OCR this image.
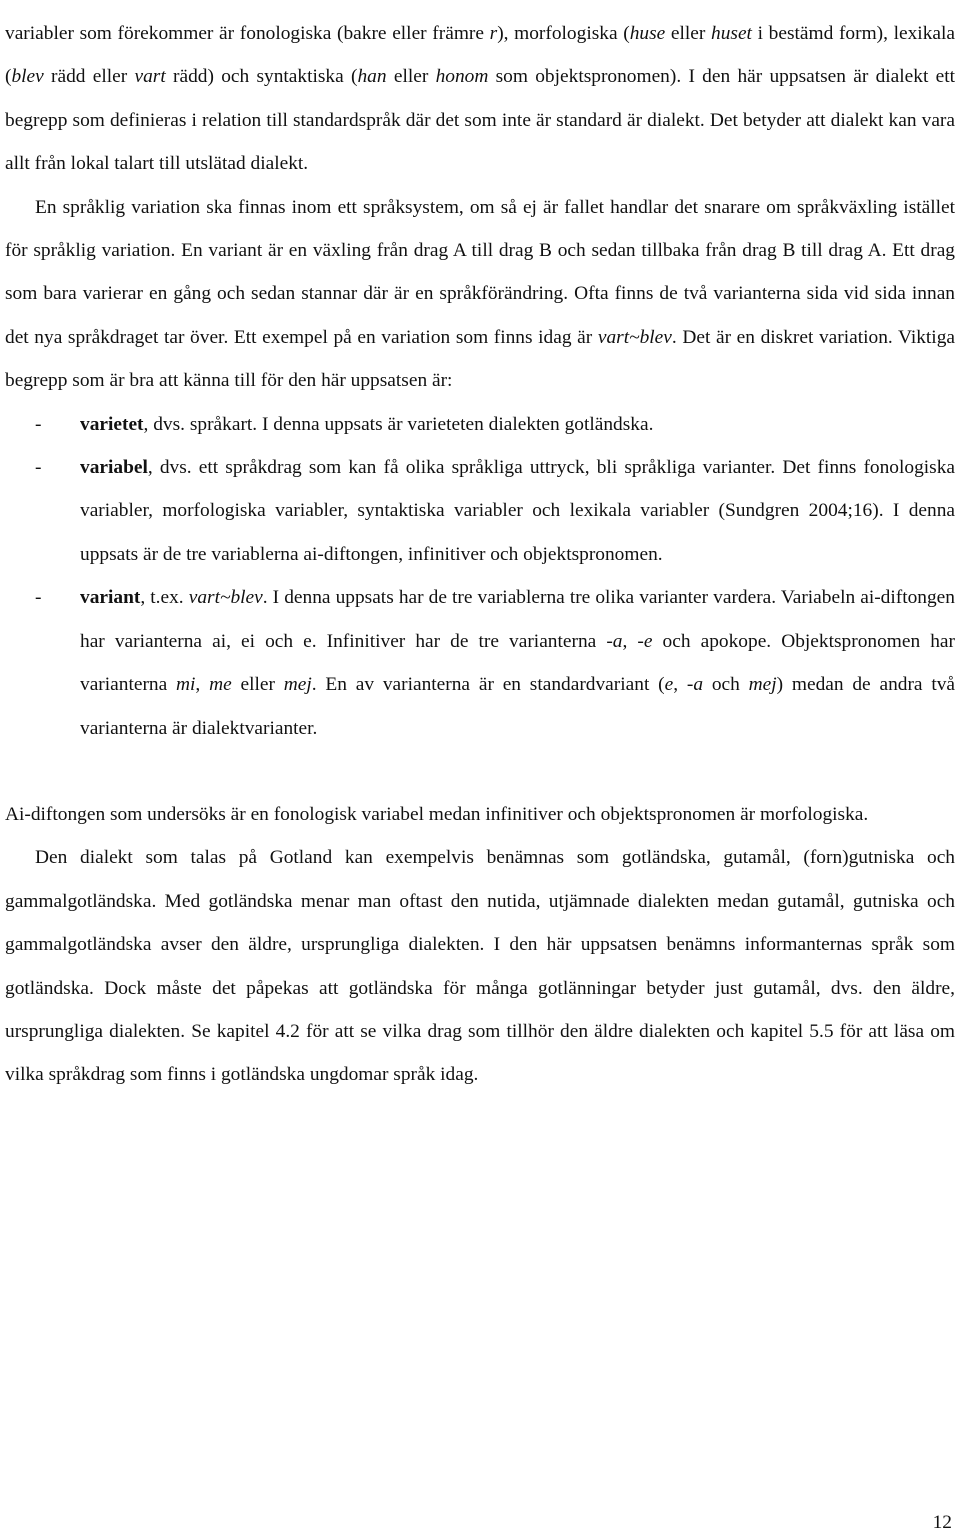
variabler som förekommer är fonologiska (bakre eller främre r), morfologiska (huse eller huset i bestämd form), lexikala (blev rädd eller vart rädd) och syntaktiska (han eller honom som objektspronomen). I den här uppsatsen är dialekt ett begrepp som definieras i relation till standardspråk där det som inte är standard är dialekt. Det betyder att dialekt kan vara allt från lokal talart till utslätad dialekt.

En språklig variation ska finnas inom ett språksystem, om så ej är fallet handlar det snarare om språkväxling istället för språklig variation. En variant är en växling från drag A till drag B och sedan tillbaka från drag B till drag A. Ett drag som bara varierar en gång och sedan stannar där är en språkförändring. Ofta finns de två varianterna sida vid sida innan det nya språkdraget tar över. Ett exempel på en variation som finns idag är vart~blev. Det är en diskret variation. Viktiga begrepp som är bra att känna till för den här uppsatsen är:

-	varietet, dvs. språkart. I denna uppsats är varieteten dialekten gotländska.
-	variabel, dvs. ett språkdrag som kan få olika språkliga uttryck, bli språkliga varianter. Det finns fonologiska variabler, morfologiska variabler, syntaktiska variabler och lexikala variabler (Sundgren 2004;16). I denna uppsats är de tre variablerna ai-diftongen, infinitiver och objektspronomen.
-	variant, t.ex. vart~blev. I denna uppsats har de tre variablerna tre olika varianter vardera. Variabeln ai-diftongen har varianterna ai, ei och e. Infinitiver har de tre varianterna -a, -e och apokope. Objektspronomen har varianterna mi, me eller mej. En av varianterna är en standardvariant (e, -a och mej) medan de andra två varianterna är dialektvarianter.

Ai-diftongen som undersöks är en fonologisk variabel medan infinitiver och objektspronomen är morfologiska.

Den dialekt som talas på Gotland kan exempelvis benämnas som gotländska, gutamål, (forn)gutniska och gammalgotländska. Med gotländska menar man oftast den nutida, utjämnade dialekten medan gutamål, gutniska och gammalgotländska avser den äldre, ursprungliga dialekten. I den här uppsatsen benämns informanternas språk som gotländska. Dock måste det påpekas att gotländska för många gotlänningar betyder just gutamål, dvs. den äldre, ursprungliga dialekten. Se kapitel 4.2 för att se vilka drag som tillhör den äldre dialekten och kapitel 5.5 för att läsa om vilka språkdrag som finns i gotländska ungdomar språk idag.

12
